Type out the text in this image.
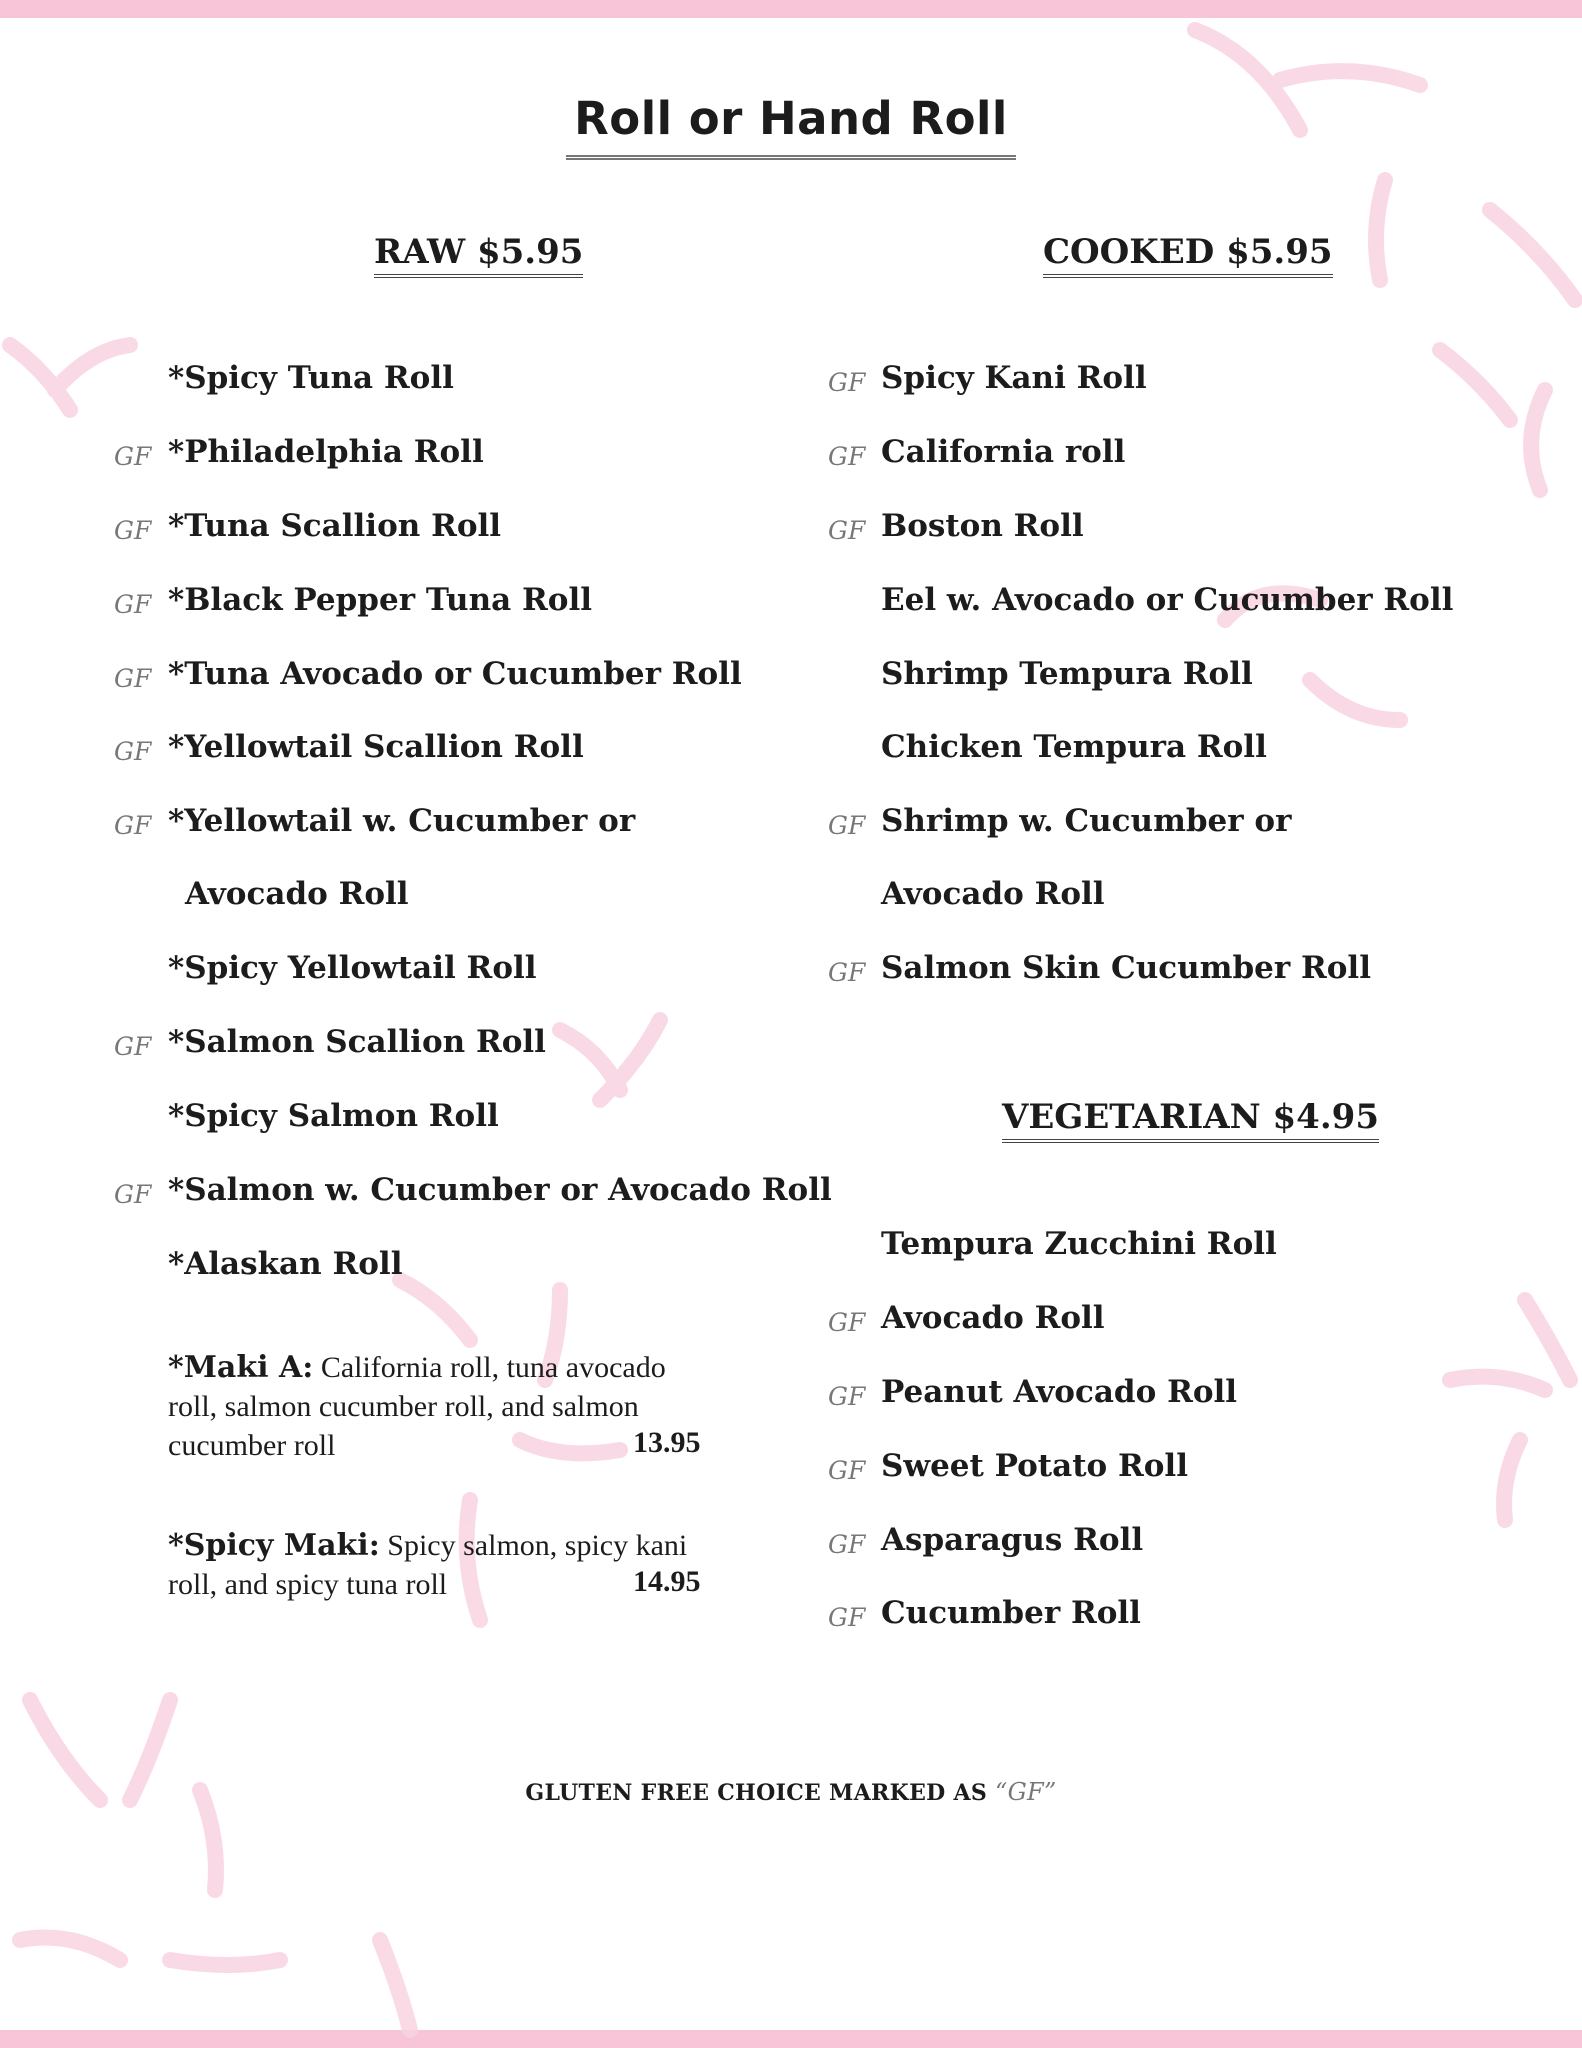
Roll or Hand Roll
RAW $5.95	COOKED $5.95
VEGETARIAN $4.95
*Spicy Tuna Roll
GF *Philadelphia Roll
GF *Tuna Scallion Roll
GF *Black Pepper Tuna Roll
GF *Tuna Avocado or Cucumber Roll
GF *Yellowtail Scallion Roll
GF *Yellowtail w. Cucumber or
Avocado Roll
*Spicy Yellowtail Roll
GF *Salmon Scallion Roll
*Spicy Salmon Roll
GF *Salmon w. Cucumber or Avocado Roll
*Alaskan Roll
*Maki A: California roll, tuna avocado roll, salmon cucumber roll, and salmon cucumber roll	13.95
*Spicy Maki: Spicy salmon, spicy kani roll, and spicy tuna roll	14.95
GF Spicy Kani Roll
GF California roll
GF Boston Roll
Eel w. Avocado or Cucumber Roll
Shrimp Tempura Roll
Chicken Tempura Roll
GF Shrimp w. Cucumber or
Avocado Roll
GF Salmon Skin Cucumber Roll
Tempura Zucchini Roll
GF Avocado Roll
GF Peanut Avocado Roll
GF Sweet Potato Roll
GF Asparagus Roll
GF Cucumber Roll
GLUTEN FREE CHOICE MARKED AS “GF”
